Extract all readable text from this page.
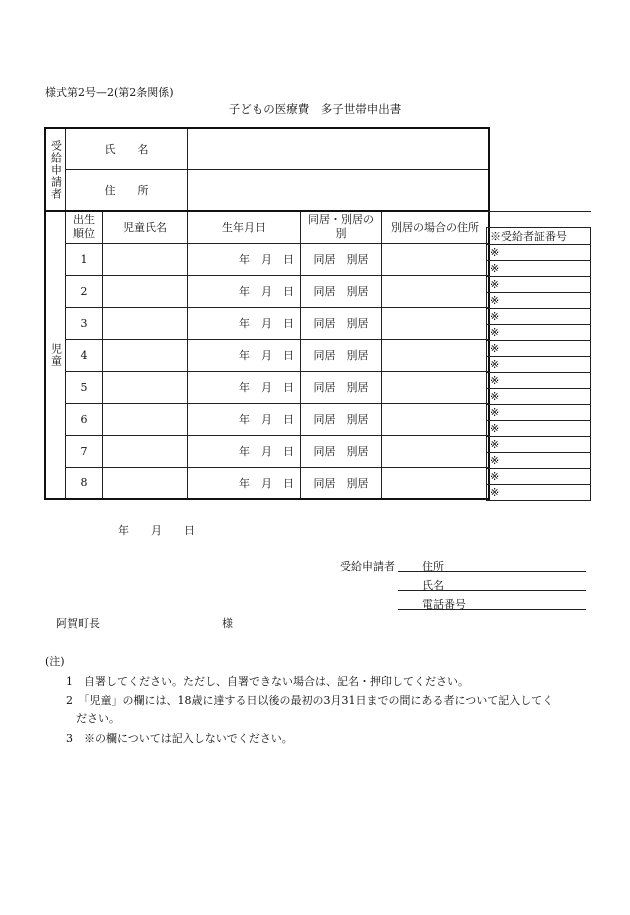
様式第2号—2(第2条関係)
子どもの医療費　多子世帯申出書
受給申請者	氏　　名				
	住　　所				

児童	出生順位	児童氏名	生年月日	同居・別居の別	別居の場合の住所
	1		年　月　日	同居　別居	
	2		年　月　日	同居　別居	
	3		年　月　日	同居　別居	
	4		年　月　日	同居　別居	
	5		年　月　日	同居　別居	
	6		年　月　日	同居　別居	
	7		年　月　日	同居　別居	
	8		年　月　日	同居　別居	

※受給者証番号
※
※
※
※
※
※
※
※
※
※
※
※
※
※
※
※
年　　月　　日
受給申請者	住所
氏名
電話番号
阿賀町長	様
(注)
1　自署してください。ただし、自署できない場合は、記名・押印してください。
2　「児童」の欄には、18歳に達する日以後の最初の3月31日までの間にある者について記入してく
ださい。
3　※の欄については記入しないでください。
